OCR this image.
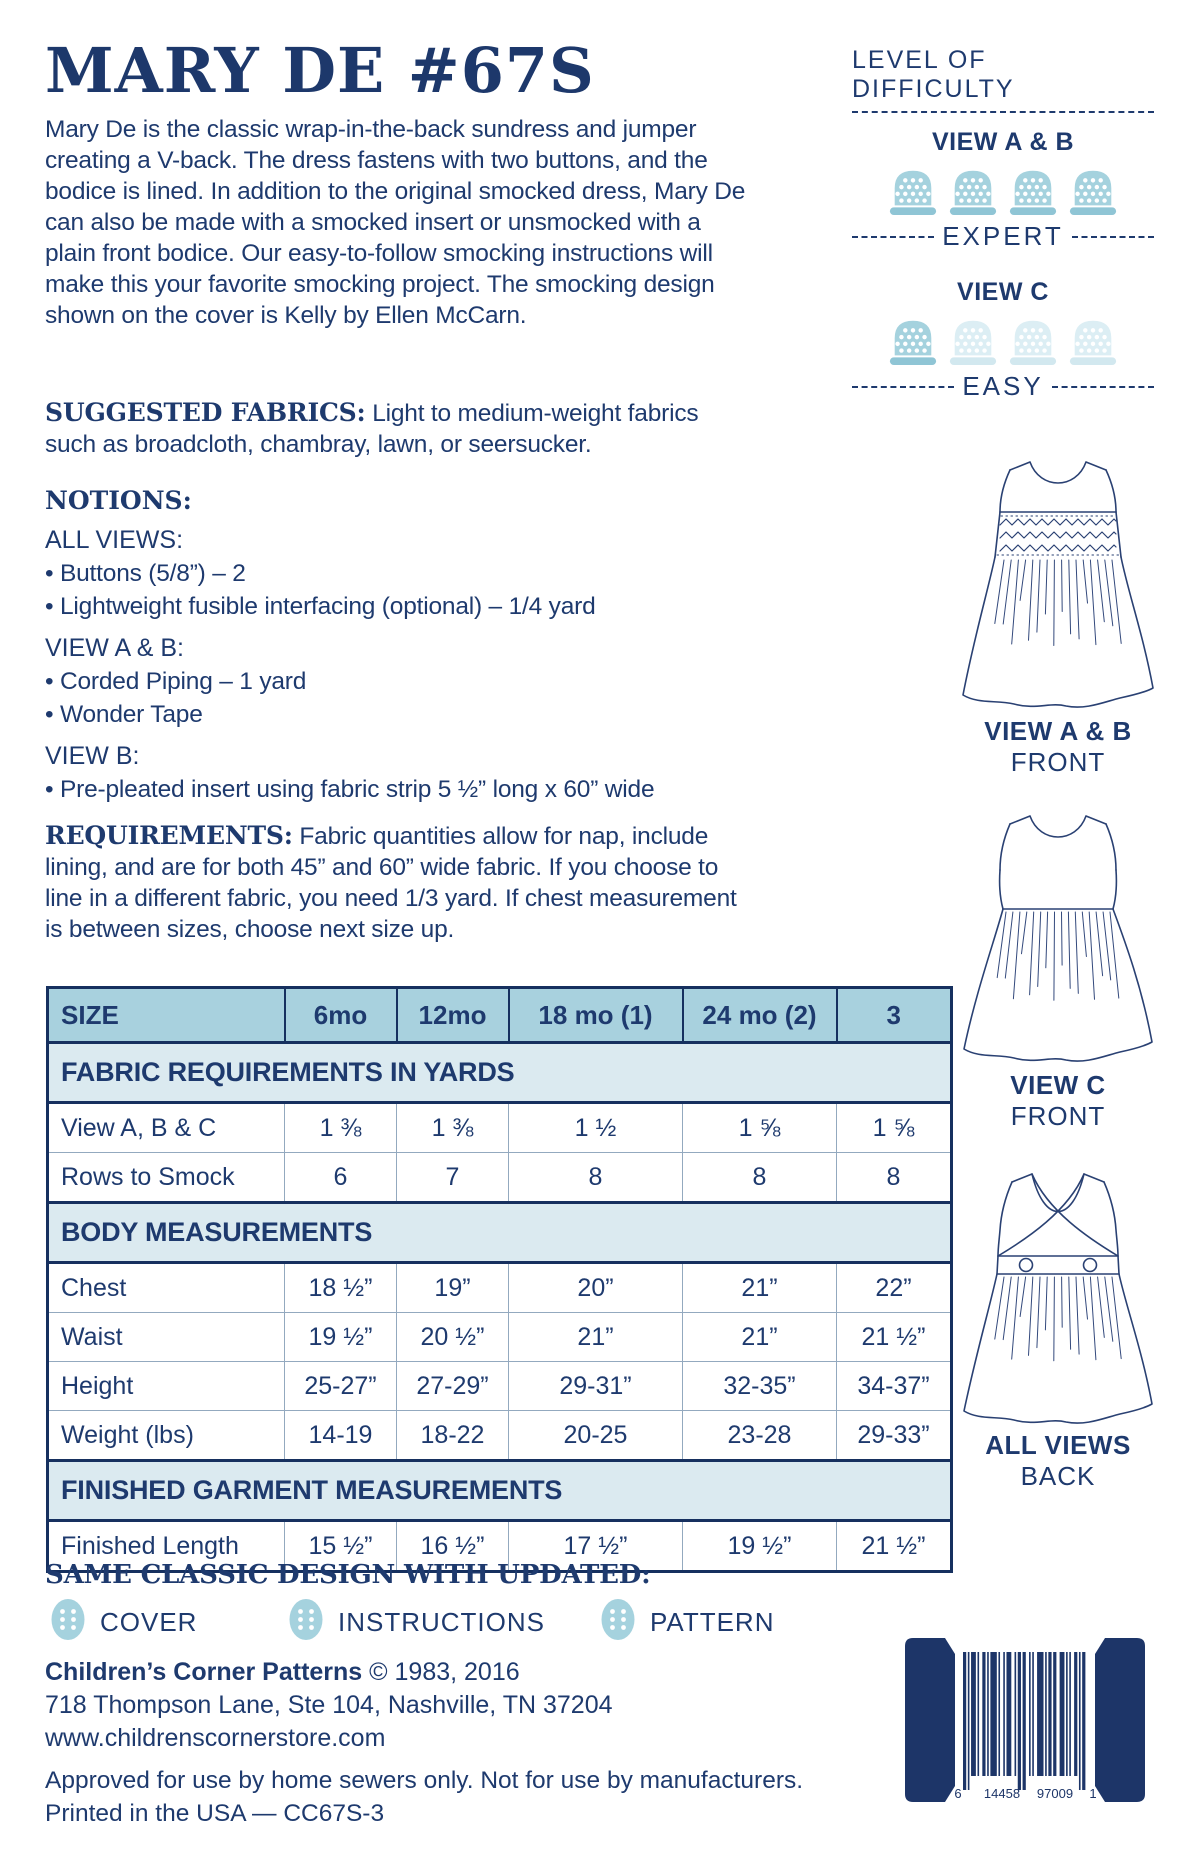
MARY DE #67S
Mary De is the classic wrap-in-the-back sundress and jumper creating a V-back. The dress fastens with two buttons, and the bodice is lined. In addition to the original smocked dress, Mary De can also be made with a smocked insert or unsmocked with a plain front bodice. Our easy-to-follow smocking instructions will make this your favorite smocking project. The smocking design shown on the cover is Kelly by Ellen McCarn.
LEVEL OF DIFFICULTY
VIEW A & B
EXPERT
VIEW C
EASY
SUGGESTED FABRICS: Light to medium-weight fabrics such as broadcloth, chambray, lawn, or seersucker.
NOTIONS:
ALL VIEWS:
• Buttons (5/8”) – 2
• Lightweight fusible interfacing (optional) – 1/4 yard
VIEW A & B:
• Corded Piping – 1 yard
• Wonder Tape
VIEW B:
• Pre-pleated insert using fabric strip 5 ½” long x 60” wide
REQUIREMENTS: Fabric quantities allow for nap, include lining, and are for both 45” and 60” wide fabric. If you choose to line in a different fabric, you need 1/3 yard. If chest measurement is between sizes, choose next size up.
SIZE	6mo	12mo	18 mo (1)	24 mo (2)	3
FABRIC REQUIREMENTS IN YARDS					
View A, B & C	1 ⅜	1 ⅜	1 ½	1 ⅝	1 ⅝
Rows to Smock	6	7	8	8	8
BODY MEASUREMENTS					
Chest	18 ½”	19”	20”	21”	22”
Waist	19 ½”	20 ½”	21”	21”	21 ½”
Height	25-27”	27-29”	29-31”	32-35”	34-37”
Weight (lbs)	14-19	18-22	20-25	23-28	29-33”
FINISHED GARMENT MEASUREMENTS					
Finished Length	15 ½”	16 ½”	17 ½”	19 ½”	21 ½”
VIEW A & B
FRONT
VIEW C
FRONT
ALL VIEWS
BACK
SAME CLASSIC DESIGN WITH UPDATED:
COVER	INSTRUCTIONS	PATTERN
Children’s Corner Patterns © 1983, 2016
718 Thompson Lane, Ste 104, Nashville, TN 37204
www.childrenscornerstore.com
Approved for use by home sewers only. Not for use by manufacturers.
Printed in the USA — CC67S-3
6 14458 97009 1
